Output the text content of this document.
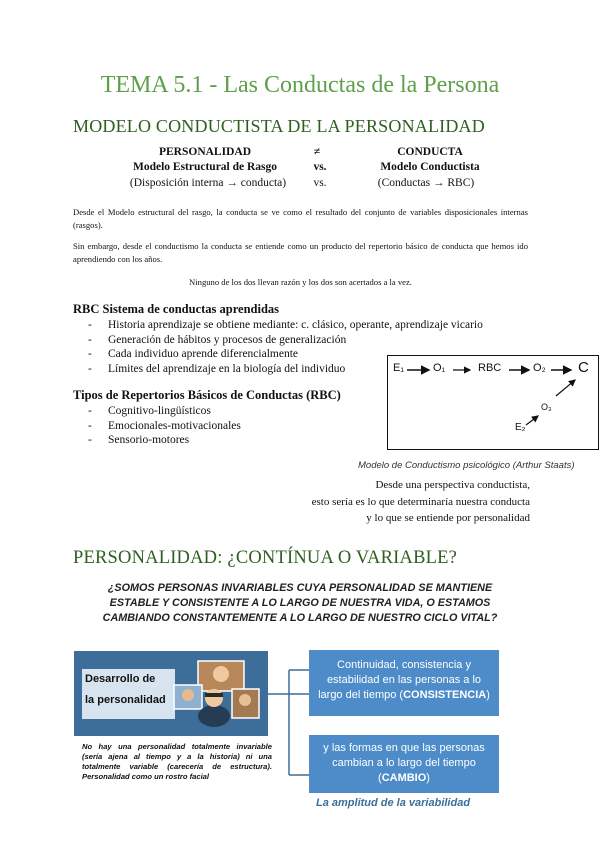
TEMA 5.1 - Las Conductas de la Persona
MODELO CONDUCTISTA DE LA PERSONALIDAD
PERSONALIDAD	≠	CONDUCTA
Modelo Estructural de Rasgo	vs.	Modelo Conductista
(Disposición interna → conducta)	vs.	(Conductas → RBC)
Desde el Modelo estructural del rasgo, la conducta se ve como el resultado del conjunto de variables disposicionales internas (rasgos).
Sin embargo, desde el conductismo la conducta se entiende como un producto del repertorio básico de conducta que hemos ido aprendiendo con los años.
Ninguno de los dos llevan razón y los dos son acertados a la vez.
RBC Sistema de conductas aprendidas
- Historia aprendizaje se obtiene mediante: c. clásico, operante, aprendizaje vicario
- Generación de hábitos y procesos de generalización
- Cada individuo aprende diferencialmente
- Límites del aprendizaje en la biología del individuo
Tipos de Repertorios Básicos de Conductas (RBC)
- Cognitivo-lingüísticos
- Emocionales-motivacionales
- Sensorio-motores
E₁	O₁	RBC	O₂ C
O₃
E₂
Modelo de Conductismo psicológico (Arthur Staats)
Desde una perspectiva conductista,
esto sería es lo que determinaría nuestra conducta
y lo que se entiende por personalidad
PERSONALIDAD: ¿CONTÍNUA O VARIABLE?
¿SOMOS PERSONAS INVARIABLES CUYA PERSONALIDAD SE MANTIENE
ESTABLE Y CONSISTENTE A LO LARGO DE NUESTRA VIDA, O ESTAMOS
CAMBIANDO CONSTANTEMENTE A LO LARGO DE NUESTRO CICLO VITAL?
Desarrollo de
la personalidad
No hay una personalidad totalmente invariable (sería ajena al tiempo y a la historia) ni una totalmente variable (carecería de estructura). Personalidad como un rostro facial
Continuidad, consistencia y
estabilidad en las personas a lo
largo del tiempo (CONSISTENCIA)
y las formas en que las personas
cambian a lo largo del tiempo
(CAMBIO)
La amplitud de la variabilidad
